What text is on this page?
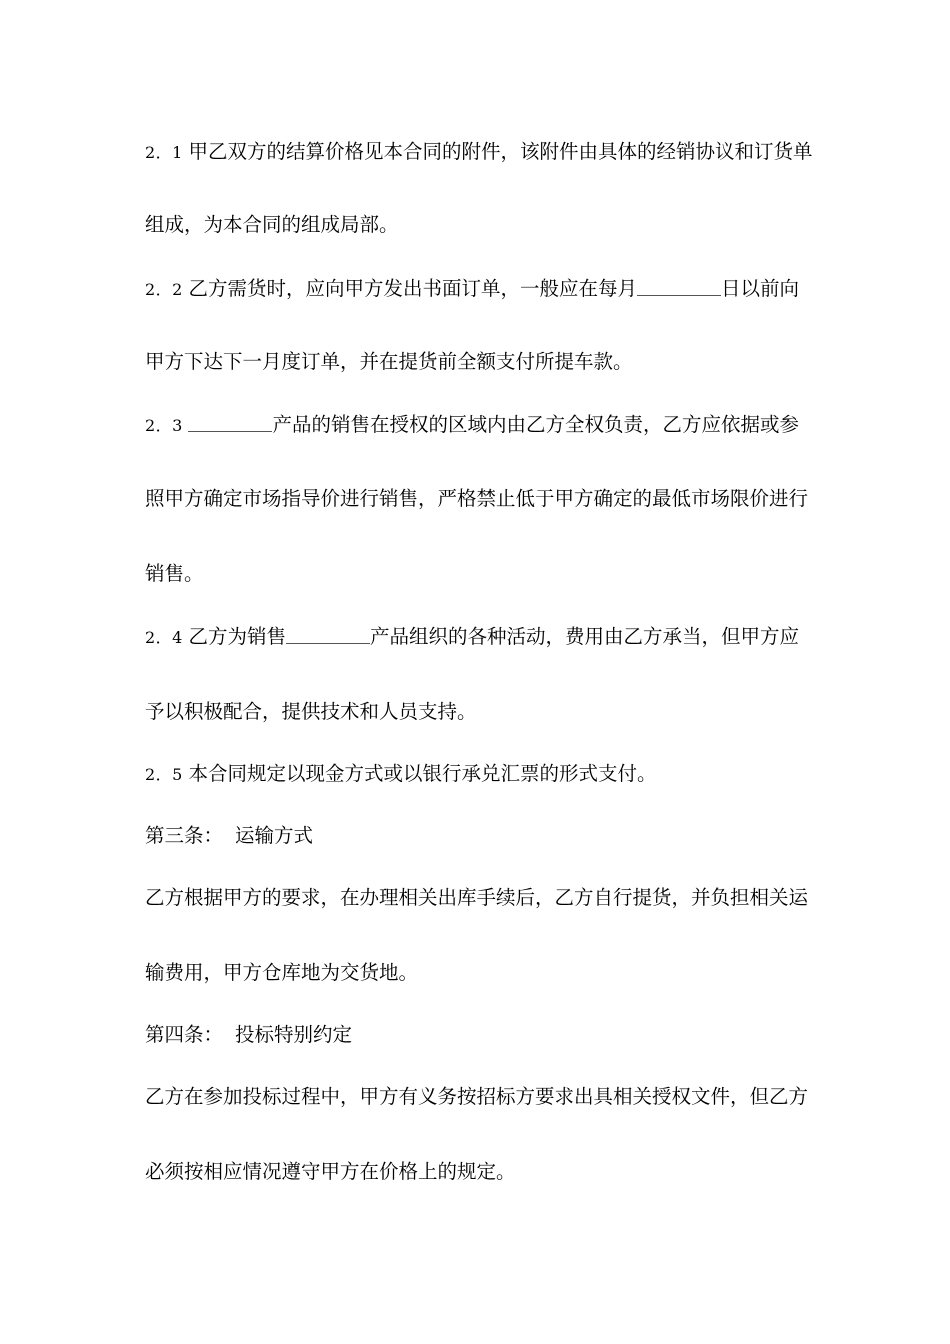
2．1 甲乙双方的结算价格见本合同的附件，该附件由具体的经销协议和订货单
组成，为本合同的组成局部。
2．2 乙方需货时，应向甲方发出书面订单，一般应在每月	日以前向
甲方下达下一月度订单，并在提货前全额支付所提车款。
2．3	产品的销售在授权的区域内由乙方全权负责，乙方应依据或参
照甲方确定市场指导价进行销售，严格禁止低于甲方确定的最低市场限价进行
销售。
2．4 乙方为销售	产品组织的各种活动，费用由乙方承当，但甲方应
予以积极配合，提供技术和人员支持。
2．5 本合同规定以现金方式或以银行承兑汇票的形式支付。
第三条： 运输方式
乙方根据甲方的要求，在办理相关出库手续后，乙方自行提货，并负担相关运
输费用，甲方仓库地为交货地。
第四条： 投标特别约定
乙方在参加投标过程中，甲方有义务按招标方要求出具相关授权文件，但乙方
必须按相应情况遵守甲方在价格上的规定。
